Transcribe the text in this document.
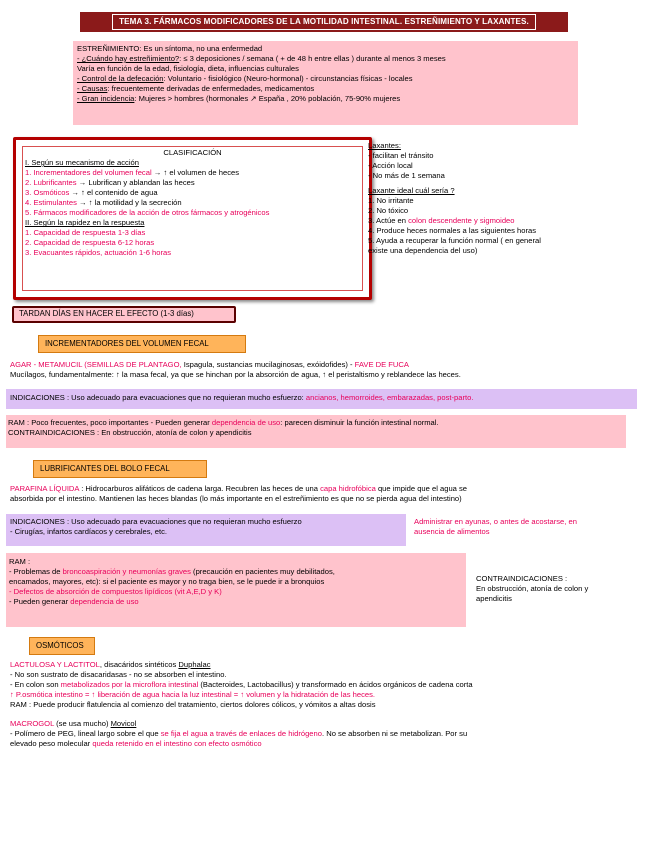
TEMA 3. FÁRMACOS MODIFICADORES DE LA MOTILIDAD INTESTINAL. ESTREÑIMIENTO Y LAXANTES.

ESTREÑIMIENTO: Es un síntoma, no una enfermedad

- ¿Cuándo hay estreñimiento?: ≤ 3 deposiciones / semana ( + de 48 h entre ellas ) durante al menos 3 meses

Varía en función de la edad, fisiología, dieta, influencias culturales

- Control de la defecación: Voluntario - fisiológico (Neuro-hormonal) - circunstancias físicas - locales

- Causas: frecuentemente derivadas de enfermedades, medicamentos

- Gran incidencia: Mujeres > hombres (hormonales ↗ España , 20% población, 75-90% mujeres

CLASIFICACIÓN

I. Según su mecanismo de acción

1. Incrementadores del volumen fecal → ↑ el volumen de heces

2. Lubrificantes → Lubrifican y ablandan las heces

3. Osmóticos → ↑ el contenido de agua

4. Estimulantes → ↑ la motilidad y la secreción

5. Fármacos modificadores de la acción de otros fármacos y atrogénicos

II. Según la rapidez en la respuesta

1. Capacidad de respuesta 1-3 días

2. Capacidad de respuesta 6-12 horas

3. Evacuantes rápidos, actuación 1-6 horas

Laxantes:

- facilitan el tránsito

- Acción local

- No más de 1 semana

Laxante ideal cuál sería ?

1. No irritante

2. No tóxico

3. Actúe en colon descendente y sigmoideo

4. Produce heces normales a las siguientes horas

5. Ayuda a recuperar la función normal ( en general

existe una dependencia del uso)

TARDAN DÍAS EN HACER EL EFECTO (1-3 días)
INCREMENTADORES DEL VOLUMEN FECAL

AGAR - METAMUCIL (SEMILLAS DE PLANTAGO, Ispagula, sustancias mucilaginosas, exóidofides) - FAVE DE FUCA

Mucílagos, fundamentalmente: ↑ la masa fecal, ya que se hinchan por la absorción de agua, ↑ el peristaltismo y reblandece las heces.

INDICACIONES : Uso adecuado para evacuaciones que no requieran mucho esfuerzo: ancianos, hemorroides, embarazadas, post-parto.

RAM : Poco frecuentes, poco importantes - Pueden generar dependencia de uso: parecen disminuir la función intestinal normal.

CONTRAINDICACIONES : En obstrucción, atonía de colon y apendicitis

LUBRIFICANTES DEL BOLO FECAL

PARAFINA LÍQUIDA : Hidrocarburos alifáticos de cadena larga. Recubren las heces de una capa hidrofóbica que impide que el agua se

absorbida por el intestino. Mantienen las heces blandas (lo más importante en el estreñimiento es que no se pierda agua del intestino)

INDICACIONES : Uso adecuado para evacuaciones que no requieran mucho esfuerzo

- Cirugías, infartos cardíacos y cerebrales, etc.

Administrar en ayunas, o antes de acostarse, en

ausencia de alimentos

RAM :

- Problemas de broncoaspiración y neumonías graves (precaución en pacientes muy debilitados,

encamados, mayores, etc): si el paciente es mayor y no traga bien, se le puede ir a bronquios

- Defectos de absorción de compuestos lipídicos (vit A,E,D y K)

- Pueden generar dependencia de uso

CONTRAINDICACIONES :

En obstrucción, atonía de colon y

apendicitis

OSMÓTICOS

LACTULOSA Y LACTITOL, disacáridos sintéticos Duphalac

- No son sustrato de disacaridasas - no se absorben el intestino.

- En colon son metabolizados por la microflora intestinal (Bacteroides, Lactobacillus) y transformado en ácidos orgánicos de cadena corta

↑ P.osmótica intestino = ↑ liberación de agua hacia la luz intestinal = ↑ volumen y la hidratación de las heces.

RAM : Puede producir flatulencia al comienzo del tratamiento, ciertos dolores cólicos, y vómitos a altas dosis

MACROGOL (se usa mucho) Movicol

- Polímero de PEG, lineal largo sobre el que se fija el agua a través de enlaces de hidrógeno. No se absorben ni se metabolizan. Por su

elevado peso molecular queda retenido en el intestino con efecto osmótico
